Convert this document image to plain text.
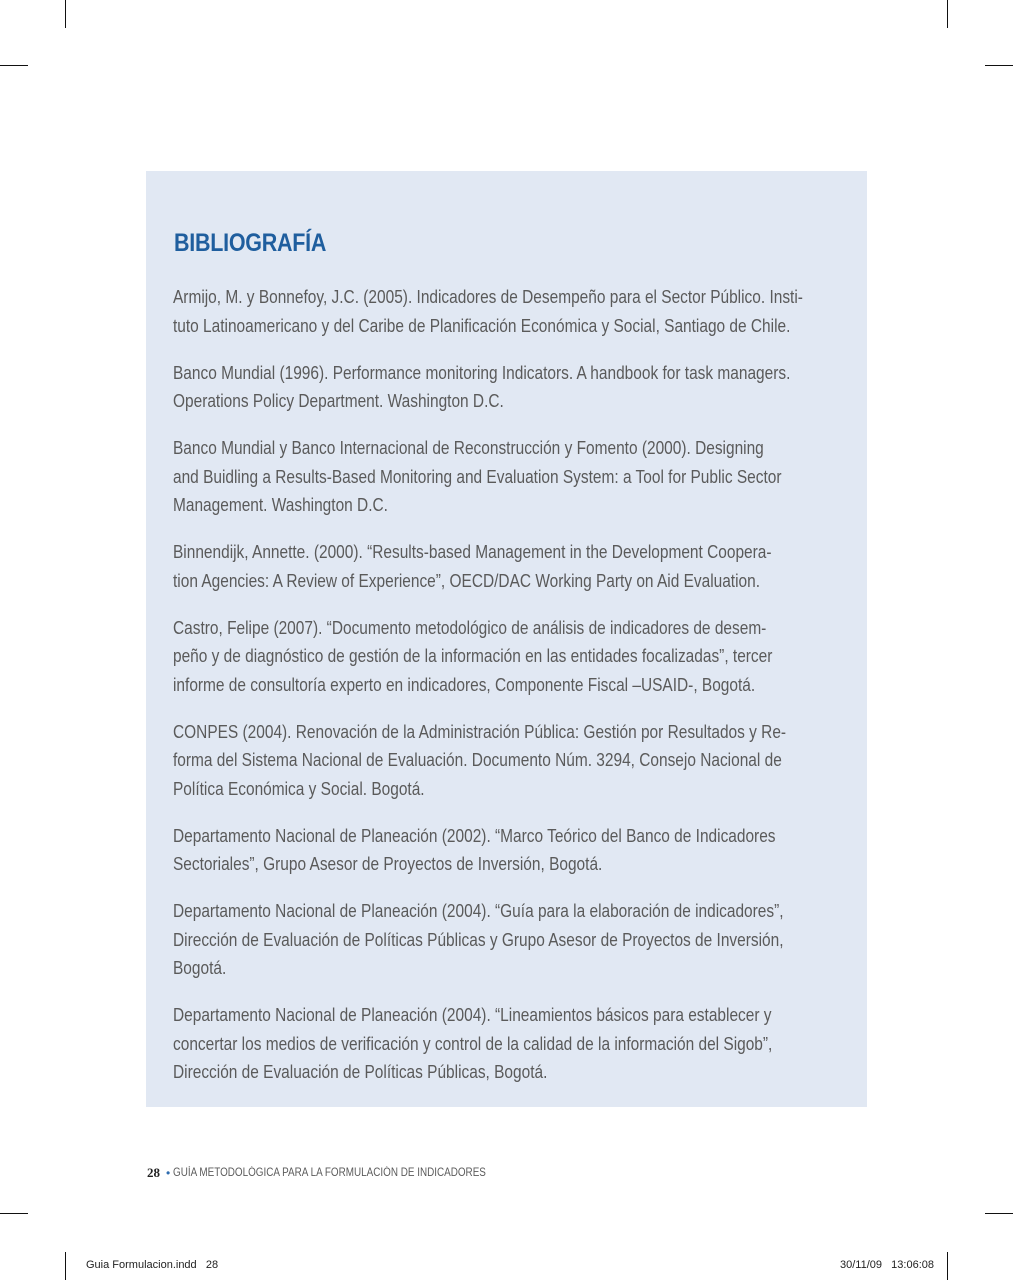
BIBLIOGRAFÍA

Armijo, M. y Bonnefoy, J.C. (2005). Indicadores de Desempeño para el Sector Público. Insti-
tuto Latinoamericano y del Caribe de Planificación Económica y Social, Santiago de Chile.

Banco Mundial (1996). Performance monitoring Indicators. A handbook for task managers.
Operations Policy Department. Washington D.C.

Banco Mundial y Banco Internacional de Reconstrucción y Fomento (2000). Designing
and Buidling a Results-Based Monitoring and Evaluation System: a Tool for Public Sector
Management. Washington D.C.

Binnendijk, Annette. (2000). “Results-based Management in the Development Coopera-
tion Agencies: A Review of Experience”, OECD/DAC Working Party on Aid Evaluation.

Castro, Felipe (2007). “Documento metodológico de análisis de indicadores de desem-
peño y de diagnóstico de gestión de la información en las entidades focalizadas”, tercer
informe de consultoría experto en indicadores, Componente Fiscal –USAID-, Bogotá.

CONPES (2004). Renovación de la Administración Pública: Gestión por Resultados y Re-
forma del Sistema Nacional de Evaluación. Documento Núm. 3294, Consejo Nacional de
Política Económica y Social. Bogotá.

Departamento Nacional de Planeación (2002). “Marco Teórico del Banco de Indicadores
Sectoriales”, Grupo Asesor de Proyectos de Inversión, Bogotá.

Departamento Nacional de Planeación (2004). “Guía para la elaboración de indicadores”,
Dirección de Evaluación de Políticas Públicas y Grupo Asesor de Proyectos de Inversión,
Bogotá.

Departamento Nacional de Planeación (2004). “Lineamientos básicos para establecer y
concertar los medios de verificación y control de la calidad de la información del Sigob”,
Dirección de Evaluación de Políticas Públicas, Bogotá.

28 • GUÍA METODOLÓGICA PARA LA FORMULACIÓN DE INDICADORES
Guia Formulacion.indd   28	30/11/09   13:06:08
